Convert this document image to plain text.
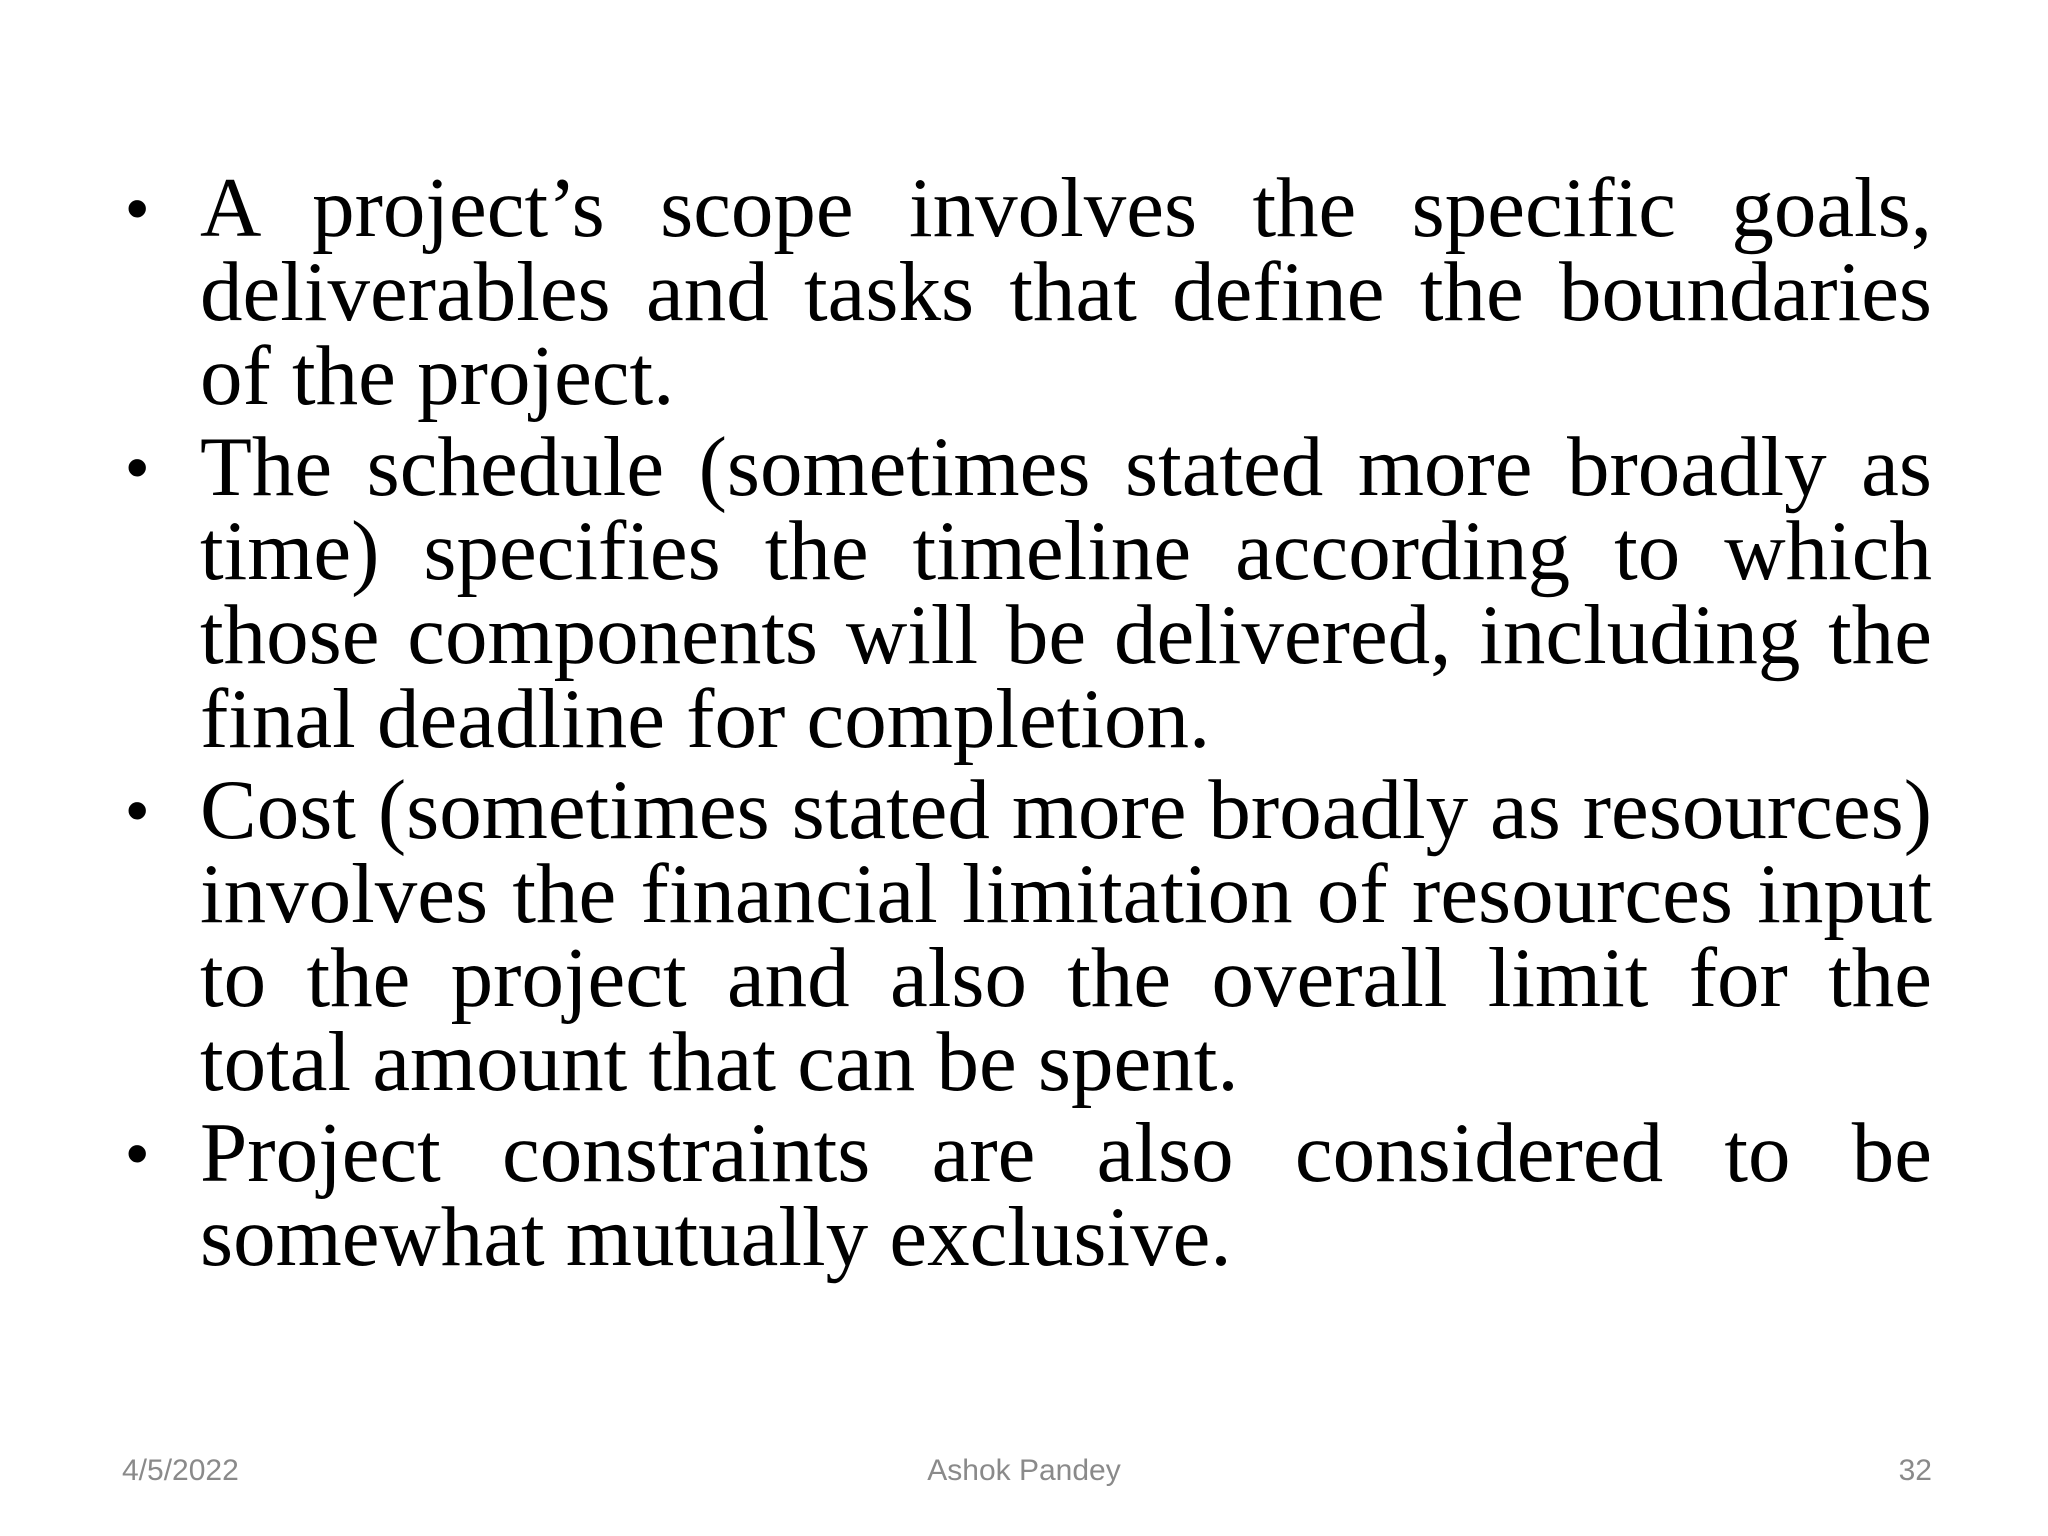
• A project’s scope involves the specific goals, deliverables and tasks that define the boundaries of the project.
• The schedule (sometimes stated more broadly as time) specifies the timeline according to which those components will be delivered, including the final deadline for completion.
• Cost (sometimes stated more broadly as resources) involves the financial limitation of resources input to the project and also the overall limit for the total amount that can be spent.
• Project constraints are also considered to be somewhat mutually exclusive.
4/5/2022	Ashok Pandey	32
